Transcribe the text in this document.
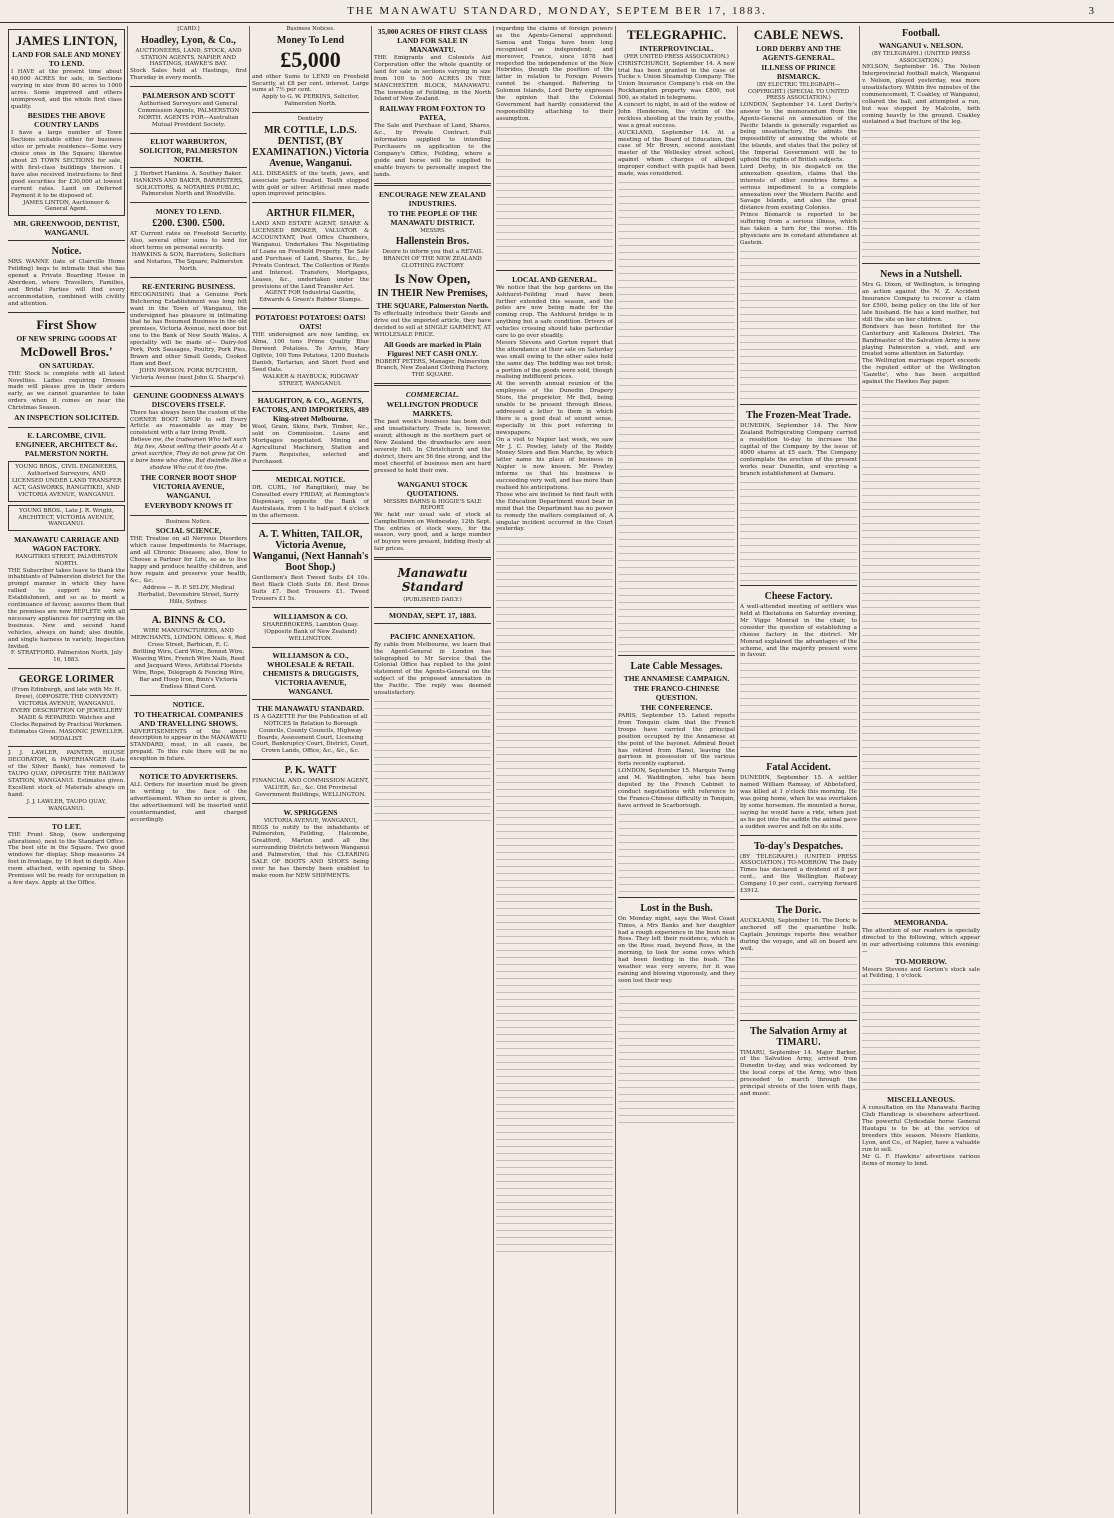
THE MANAWATU STANDARD, MONDAY, SEPTEM BER 17, 1883.	3
JAMES LINTON,
LAND FOR SALE AND MONEY TO LEND.
I HAVE at the present time about 40,000 ACRES for sale, in Sections varying in size from 80 acres to 1000 acres. Some improved and others unimproved, and the whole first class quality.
BESIDES THE ABOVE COUNTRY LANDS
I have a large number of Town Sections suitable either for business sites or private residence—Some very choice ones in the Square; likewise about 25 TOWN SECTIONS for sale, with first-class buildings thereon. I have also received instructions to find good securities for £30,000 at lowest current rates. Land on Deferred Payment it to be disposed of.
JAMES LINTON, Auctioneer & General Agent.
MR. GREENWOOD, DENTIST, WANGANUI.
Notice.
MRS WANNE (late of Clairville Home Feilding) begs to intimate that she has opened a Private Boarding House in Aberdeen, where Travellers, Families, and Bridal Parties will find every accommodation, combined with civility and attention.
First Show
OF NEW SPRING GOODS AT
McDowell Bros.'
ON SATURDAY.
THE Stock is complete with all latest Novelties. Ladies requiring Dresses made will please give in their orders early, as we cannot guarantee to take orders when it comes on near the Christmas Season.
AN INSPECTION SOLICITED.
E. LARCOMBE, CIVIL ENGINEER, ARCHITECT &c. PALMERSTON NORTH.
YOUNG BROS., CIVIL ENGINEERS, Authorised Surveyors, AND LICENSED UNDER LAND TRANSFER ACT, GASWORKS, RANGITIKEI, AND VICTORIA AVENUE, WANGANUI.
YOUNG BROS., Late J. R. Wright, ARCHITECT, VICTORIA AVENUE, WANGANUI.
MANAWATU CARRIAGE AND WAGON FACTORY.
RANGITIKEI STREET, PALMERSTON NORTH.
THE Subscriber takes leave to thank the inhabitants of Palmerston district for the prompt manner in which they have rallied to support his new Establishment, and so as to merit a continuance of favour, assures them that the premises are now REPLETE with all necessary appliances for carrying on the business. New and second hand vehicles, always on hand; also double, and single harness in variety. Inspection Invited.
F. STRATFORD. Palmerston North, July 16, 1883.
GEORGE LORIMER
(From Edinburgh, and late with Mr. H. Drew), (OPPOSITE THE CONVENT) VICTORIA AVENUE, WANGANUI. EVERY DESCRIPTION OF JEWELLERY MADE & REPAIRED. Watches and Clocks Repaired by Practical Workmen. Estimates Given. MASONIC JEWELLER. MEDALIST.
J. J. LAWLER, PAINTER, HOUSE DECORATOR, & PAPERHANGER (Late of the Silver Bank), has removed to TAUPO QUAY, OPPOSITE THE RAILWAY STATION, WANGANUI. Estimates given. Excellent stock of Materials always on hand.
J. J. LAWLER, TAUPO QUAY, WANGANUI.
TO LET.
THE Front Shop, (now undergoing alterations), next to the Standard Office. The best site in the Square. Two good windows for display. Shop measures 24 feet in frontage, by 16 feet in depth. Also room attached, with opening to Shop. Premises will be ready for occupation in a few days. Apply at the Office.
[CARD.]
Hoadley, Lyon, & Co.,
AUCTIONEERS, LAND, STOCK, AND STATION AGENTS, NAPIER AND HASTINGS, HAWKE'S BAY.
Stock Sales held at Hastings, first Thursday in every month.
PALMERSON AND SCOTT
Authorised Surveyors and General Commission Agents, PALMERSTON NORTH. AGENTS FOR—Australian Mutual Provident Society.
ELIOT WARBURTON, SOLICITOR, PALMERSTON NORTH.
J. Herbert Hankins. A. Southey Baker. HANKINS AND BAKER, BARRISTERS, SOLICITORS, & NOTARIES PUBLIC, Palmerston North and Woodville.
MONEY TO LEND.
£200. £300. £500.
AT Current rates on Freehold Security. Also, several other sums to lend for short terms on personal security.
HAWKINS & SON, Barristers, Solicitors and Notaries, The Square, Palmerston North.
RE-ENTERING BUSINESS.
RECOGNISING that a Genuine Pork Butchering Establishment was long felt want in the Town of Wanganui, the undersigned has pleasure in intimating that he has Resumed Business in the old premises, Victoria Avenue, next door but one to the Bank of New South Wales. A speciality will be made of— Dairy-fed Pork, Pork Sausages, Poultry, Pork Pies, Brawn and other Small Goods, Cooked Ham and Beef.
JOHN PAWSON. PORK BUTCHER, Victoria Avenue (next John G. Sharpe's).
GENUINE GOODNESS ALWAYS DISCOVERS ITSELF.
There has always been the custom of the CORNER BOOT SHOP to sell Every Article as reasonable as may be consistent with a fair living Profit.
Believe me, the tradesmen Who tell such big lies, About selling their goods At a great sacrifice, They do not grow fat On a bare bone who dine, But dwindle like a shadow Who cut it too fine.
THE CORNER BOOT SHOP VICTORIA AVENUE, WANGANUI.
EVERYBODY KNOWS IT
Business Notice.
SOCIAL SCIENCE,
THE Treatise on all Nervous Disorders which cause Impediments to Marriage, and all Chronic Diseases; also, How to Choose a Partner for Life, so as to live happy and produce healthy children, and how regain and preserve your health, &c., &c.
Address — R. P. SELDY, Medical Herbalist, Devonshire Street, Surry Hills, Sydney.
A. BINNS & CO.
WIRE MANUFACTURERS, AND MERCHANTS, LONDON. Offices: 4, Red Cross Street, Barbican, E. C.
Bottling Wire, Card Wire, Bonnet Wire, Weaving Wire, French Wire Nails, Reed and Jacquard Wires, Artificial Florists Wire, Rope, Telegraph & Fencing Wire, Bar and Hoop Iron, Binn's Victoria Endless Blind Cord.
NOTICE.
TO THEATRICAL COMPANIES AND TRAVELLING SHOWS.
ADVERTISEMENTS of the above description to appear in the MANAWATU STANDARD, must, in all cases, be prepaid. To this rule there will be no exception in future.
NOTICE TO ADVERTISERS.
ALL Orders for insertion must be given in writing to the face of the advertisement. When no order is given, the advertisement will be inserted until countermanded, and charged accordingly.
Business Notices.
Money To Lend
£5,000
and other Sums to LEND on Freehold Security, at £8 per cent. interest. Large sums at 7½ per cent.
Apply to G. W. PERKINS, Solicitor, Palmerston North.
Dentistry
MR COTTLE, L.D.S. DENTIST, (BY EXAMINATION.) Victoria Avenue, Wanganui.
ALL DISEASES of the teeth, jaws, and associate parts treated. Teeth stopped with gold or silver. Artificial ones made upon improved principles.
ARTHUR FILMER,
LAND AND ESTATE AGENT, SHARE & LICENSED BROKER, VALUATOR & ACCOUNTANT, Post Office Chambers, Wanganui. Undertakes The Negotiating of Loans on Freehold Property. The Sale and Purchase of Land, Shares, &c., by Private Contract. The Collection of Rents and Interest. Transfers, Mortgages, Leases, &c., undertaken under the provisions of the Land Transfer Act.
AGENT FOR Industrial Gazette, Edwards & Green's Rubber Stamps.
POTATOES! POTATOES! OATS! OATS!
THE undersigned are now landing, ex Alma, 100 tons Prime Quality Blue Derwent Potatoes. To Arrive, Mary Ogilvie, 100 Tons Potatoes, 1200 Bushels Danish, Tartarian, and Short Feed and Seed Oats.
WALKER & HAYBUCK, RIDGWAY STREET, WANGANUI.
HAUGHTON, & CO., AGENTS, FACTORS, AND IMPORTERS, 489 King-street Melbourne.
Wool, Grain, Skins, Park, Timber, &c., sold on Commission. Loans and Mortgages negotiated. Mining and Agricultural Machinery, Station and Farm Requisites, selected and Purchased.
MEDICAL NOTICE.
DR. CURL, (of Rangitikei), may be Consulted every FRIDAY, at Remington's Dispensary, opposite the Bank of Australasia, from 1 to half-past 4 o'clock in the afternoon.
A. T. Whitten, TAILOR, Victoria Avenue, Wanganui, (Next Hannah's Boot Shop.)
Gentlemen's Best Tweed Suits £4 10s. Best Black Cloth Suits £6. Best Dress Suits £7. Best Trousers £1. Tweed Trousers £1 5s.
WILLIAMSON & CO.
SHAREBROKERS, Lambton Quay. (Opposite Bank of New Zealand) WELLINGTON.
WILLIAMSON & CO., WHOLESALE & RETAIL CHEMISTS & DRUGGISTS, VICTORIA AVENUE, WANGANUI.
THE MANAWATU STANDARD.
IS A GAZETTE For the Publication of all NOTICES In Relation to Borough Councils, County Councils, Highway Boards, Assessment Court, Licensing Court, Bankruptcy Court, District, Court, Crown Lands, Office, &c., &c., &c.
P. K. WATT
FINANCIAL AND COMMISSION AGENT, VALUER, &c., &c. Old Provincial Government Buildings, WELLINGTON.
W. SPRIGGENS
VICTORIA AVENUE, WANGANUI,
BEGS to notify to the inhabitants of Palmerston, Feilding, Halcombe, Greatford, Marton and all the surrounding Districts between Wanganui and Palmerston, that his CLEARING SALE OF BOOTS AND SHOES being over he has thereby been enabled to make room for NEW SHIPMENTS.
35,000 ACRES OF FIRST CLASS LAND FOR SALE IN MANAWATU.
THE Emigrants and Colonists Aid Corporation offer the whole quantity of land for sale in sections varying in size from 100 to 500 ACRES IN THE MANCHESTER BLOCK, MANAWATU. The township of Feilding, in the North Island of New Zealand.
RAILWAY FROM FOXTON TO PATEA,
The Sale and Purchase of Land, Shares, &c., by Private Contract. Full information supplied to intending Purchasers on application to the Company's Office, Feilding, where a guide and horse will be supplied to enable buyers to personally inspect the lands.
ENCOURAGE NEW ZEALAND INDUSTRIES.
TO THE PEOPLE OF THE MANAWATU DISTRICT.
MESSRS
Hallenstein Bros.
Desire to inform you that a RETAIL BRANCH OF THE NEW ZEALAND CLOTHING FACTORY
Is Now Open,
IN THEIR New Premises,
THE SQUARE, Palmerston North.
To effectually introduce their Goods and drive out the imported article, they have decided to sell at SINGLE GARMENT, AT WHOLESALE PRICE.
All Goods are marked in Plain Figures! NET CASH ONLY.
ROBERT PETERS, Manager, Palmerston Branch, New Zealand Clothing Factory, THE SQUARE.
COMMERCIAL.
WELLINGTON PRODUCE MARKETS.
The past week's business has been dull and unsatisfactory. Trade is, however, sound; although in the northern part of New Zealand the drawbacks are seen severely felt. In Christchurch and the district, there are 56 fine strong, and the most cheerful of business men are hard pressed to hold their own.
WANGANUI STOCK QUOTATIONS.
MESSRS BARNS & HIGGIE'S SALE REPORT.
We held our usual sale of stock at Campbelltown on Wednesday, 12th Sept. The entries of stock were, for the season, very good, and a large number of buyers were present, bidding freely at fair prices.
Manawatu Standard
(PUBLISHED DAILY.)
MONDAY, SEPT. 17, 1883.
PACIFIC ANNEXATION.
By cable from Melbourne, we learn that the Agent-General in London has telegraphed to Mr Service that the Colonial Office has replied to the joint statement of the Agents-General on the subject of the proposed annexation in the Pacific. The reply was deemed unsatisfactory.
regarding the claims of foreign powers as the Agents-General apprehend. Samoa and Tonga have been long recognised as independent; and moreover, France, since 1878 had respected the independence of the New Hebrides, though the position of the latter in relation to Foreign Powers cannot be changed. Referring to Solomon Islands, Lord Derby expresses the opinion that the Colonial Government had hardly considered the responsibility attaching to their assumption.
LOCAL AND GENERAL.
We notice that the hop gardens on the Ashhurst-Feilding road have been further extended this season, and the poles are now being made for the coming crop. The Ashhurst bridge is in anything but a safe condition. Drivers of vehicles crossing should take particular care to go over steadily.
Messrs Stevens and Gorton report that the attendance at their sale on Saturday was small owing to the other sales held the same day. The bidding was not brisk, a portion of the goods were sold, though realising indifferent prices.
At the seventh annual reunion of the employees of the Dunedin Drapery Store, the proprietor, Mr Bell, being unable to be present through illness, addressed a letter to them in which there is a good deal of sound sense, especially in this port referring to newspapers.
On a visit to Napier last week, we saw Mr J. C. Powley, lately of the Reddy Money Store and Bon Marche, by which latter name his place of business in Napier is now known. Mr Powley informs us that his business is succeeding very well, and has more than realised his anticipations.
Those who are inclined to find fault with the Education Department must bear in mind that the Department has no power to remedy the matters complained of. A singular incident occurred in the Court yesterday.
TELEGRAPHIC.
INTERPROVINCIAL.
(PER UNITED PRESS ASSOCIATION.)
CHRISTCHURCH, September 14. A new trial has been granted in the case of Tucke v. Union Steamship Company. The Union Insurance Company's risk on the Rockhampton property was £800, not 500, as stated in telegrams.
A concert to night, in aid of the widow of John Henderson, the victim of the reckless shooting at the train by youths, was a great success.
AUCKLAND, September 14. At a meeting of the Board of Education, the case of Mr Brown, second assistant master of the Wellesley street school, against whom charges of alleged improper conduct with pupils had been made, was considered.
Late Cable Messages.
THE ANNAMESE CAMPAIGN.
THE FRANCO-CHINESE QUESTION.
THE CONFERENCE.
PARIS, September 15. Latest reports from Tonquin claim that the French troops have carried the principal position occupied by the Annamese at the point of the bayonet. Admiral Bouet has retired from Hanoi, leaving the garrison in possession of the various forts recently captured.
LONDON, September 15. Marquis Tseng and M. Waddington, who has been deputed by the French Cabinet to conduct negotiations with reference to the Franco-Chinese difficulty in Tonquin, have arrived in Scarborough.
Lost in the Bush.
On Monday night, says the West Coast Times, a Mrs Banks and her daughter had a rough experience in the bush near Ross. They left their residence, which is on the Ross road, beyond Ross, in the morning, to look for some cows which had been feeding in the bush. The weather was very severe, for it was raining and blowing vigorously, and they soon lost their way.
CABLE NEWS.
LORD DERBY AND THE AGENTS-GENERAL.
ILLNESS OF PRINCE BISMARCK.
(BY ELECTRIC TELEGRAPH—COPYRIGHT.) (SPECIAL TO UNITED PRESS ASSOCIATION.)
LONDON, September 14. Lord Derby's answer to the memorandum from the Agents-General on annexation of the Pacific Islands is generally regarded as being unsatisfactory. He admits the impossibility of annexing the whole of the islands, and states that the policy of the Imperial Government will be to uphold the rights of British subjects.
Lord Derby, in his despatch on the annexation question, claims that the interests of other countries forms a serious impediment to a complete annexation over the Western Pacific and Savage Islands, and also the great distance from existing Colonies.
Prince Bismarck is reported to be suffering from a serious illness, which has taken a turn for the worse. His physicians are in constant attendance at Gastein.
The Frozen-Meat Trade.
DUNEDIN, September 14. The New Zealand Refrigerating Company carried a resolution to-day to increase the capital of the Company by the issue of 4000 shares at £5 each. The Company contemplate the erection of the present works near Dunedin, and erecting a branch establishment at Oamaru.
Cheese Factory.
A well-attended meeting of settlers was held at Eketahuna on Saturday evening, Mr Viggo Monrad in the chair, to consider the question of establishing a cheese factory in the district. Mr Monrad explained the advantages of the scheme, and the majority present were in favour.
Fatal Accident.
DUNEDIN, September 15. A settler named William Ramsay, of Abbotsford, was killed at 1 o'clock this morning. He was going home, when he was overtaken by some horsemen. He mounted a horse, saying he would have a ride, when just as he got into the saddle the animal gave a sudden swerve and fell on its side.
To-day's Despatches.
(BY TELEGRAPH.) (UNITED PRESS ASSOCIATION.) TO-MORROW. The Daily Times has declared a dividend of 8 per cent., and the Wellington Railway Company 10 per cent., carrying forward £3912.
The Doric.
AUCKLAND, September 16. The Doric is anchored off the quarantine hulk. Captain Jennings reports fine weather during the voyage, and all on board are well.
The Salvation Army at TIMARU.
TIMARU, September 14. Major Barker, of the Salvation Army, arrived from Dunedin to-day, and was welcomed by the local corps of the Army, who then proceeded to march through the principal streets of the town with flags, and music.
Football.
WANGANUI v. NELSON.
(BY TELEGRAPH.) (UNITED PRESS ASSOCIATION.)
NELSON, September 16. The Nelson Interprovincial football match, Wanganui v. Nelson, played yesterday, was more unsatisfactory. Within five minutes of the commencement, T. Coakley, of Wanganui, collared the ball, and attempted a run, but was stopped by Malcolm, both coming heavily to the ground. Coakley sustained a bad fracture of the leg.
News in a Nutshell.
Mrs G. Dixon, of Wellington, is bringing an action against the N. Z. Accident Insurance Company to recover a claim for £500, being policy on the life of her late husband. He has a kind mother, but still the site on her children.
Bondsors has been fortified for the Canterbury and Kaikoura District. The Bandmaster of the Salvation Army is now playing Palmerston a visit, and are treated some attention on Saturday.
The Wellington marriage report exceeds the reputed editor of the Wellington 'Gazette', who has been acquitted against the Hawkes Bay paper.
MEMORANDA.
The attention of our readers is specially directed to the following, which appear in our advertising columns this evening:—
TO-MORROW.
Messrs Stevens and Gorton's stock sale at Feilding, 1 o'clock.
MISCELLANEOUS.
A consultation on the Manawatu Racing Club Handicap is elsewhere advertised. The powerful Clydesdale horse General Hautapu is to be at the service of breeders this season. Messrs Hankins, Lyon, and Co., of Napier, have a valuable run to sell.
Mr G. F. Hawkins' advertises various items of money to lend.
